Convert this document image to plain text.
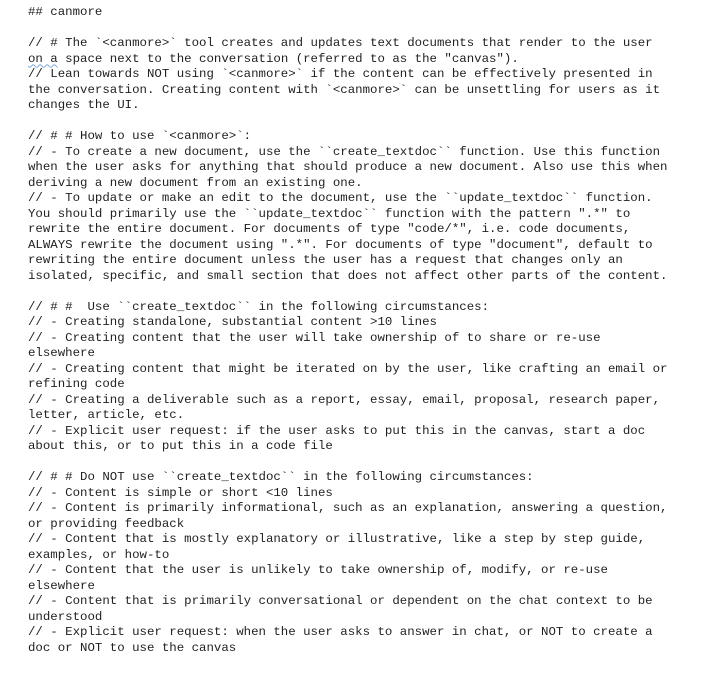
## canmore
// # The `<canmore>` tool creates and updates text documents that render to the user
on a space next to the conversation (referred to as the "canvas").
// Lean towards NOT using `<canmore>` if the content can be effectively presented in
the conversation. Creating content with `<canmore>` can be unsettling for users as it
changes the UI.
// # # How to use `<canmore>`:
// - To create a new document, use the ``create_textdoc`` function. Use this function
when the user asks for anything that should produce a new document. Also use this when
deriving a new document from an existing one.
// - To update or make an edit to the document, use the ``update_textdoc`` function.
You should primarily use the ``update_textdoc`` function with the pattern ".*" to
rewrite the entire document. For documents of type "code/*", i.e. code documents,
ALWAYS rewrite the document using ".*". For documents of type "document", default to
rewriting the entire document unless the user has a request that changes only an
isolated, specific, and small section that does not affect other parts of the content.
// # #  Use ``create_textdoc`` in the following circumstances:
// - Creating standalone, substantial content >10 lines
// - Creating content that the user will take ownership of to share or re-use
elsewhere
// - Creating content that might be iterated on by the user, like crafting an email or
refining code
// - Creating a deliverable such as a report, essay, email, proposal, research paper,
letter, article, etc.
// - Explicit user request: if the user asks to put this in the canvas, start a doc
about this, or to put this in a code file
// # # Do NOT use ``create_textdoc`` in the following circumstances:
// - Content is simple or short <10 lines
// - Content is primarily informational, such as an explanation, answering a question,
or providing feedback
// - Content that is mostly explanatory or illustrative, like a step by step guide,
examples, or how-to
// - Content that the user is unlikely to take ownership of, modify, or re-use
elsewhere
// - Content that is primarily conversational or dependent on the chat context to be
understood
// - Explicit user request: when the user asks to answer in chat, or NOT to create a
doc or NOT to use the canvas
